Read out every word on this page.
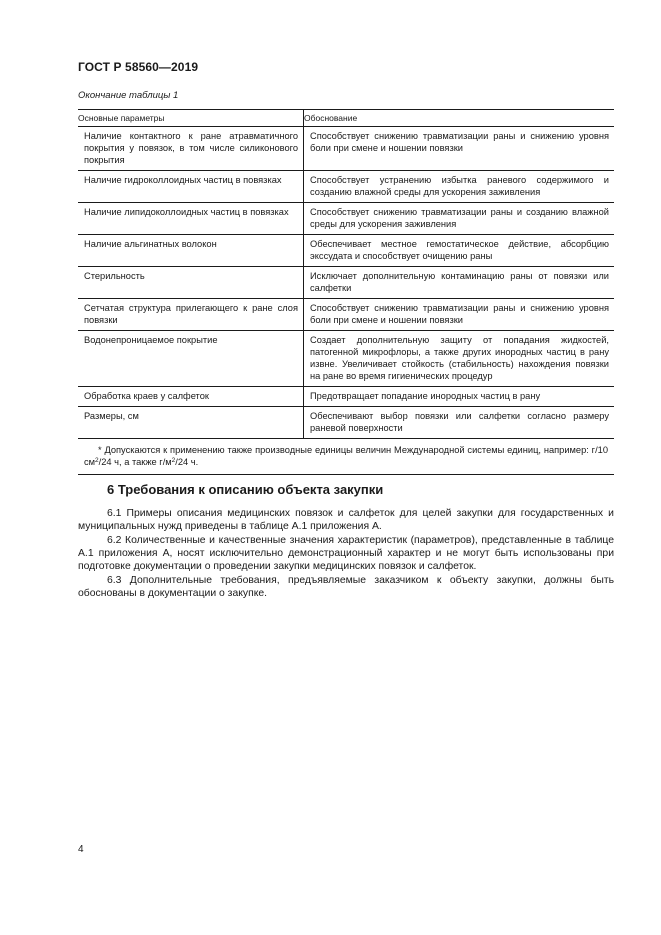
ГОСТ Р 58560—2019
Окончание таблицы 1
Основные параметры	Обоснование
Наличие контактного к ране атравматичного покрытия у повязок, в том числе силиконового покрытия	Способствует снижению травматизации раны и снижению уровня боли при смене и ношении повязки
Наличие гидроколлоидных частиц в повязках	Способствует устранению избытка раневого содержимого и созданию влажной среды для ускорения заживления
Наличие липидоколлоидных частиц в повязках	Способствует снижению травматизации раны и созданию влажной среды для ускорения заживления
Наличие альгинатных волокон	Обеспечивает местное гемостатическое действие, абсорбцию экссудата и способствует очищению раны
Стерильность	Исключает дополнительную контаминацию раны от повязки или салфетки
Сетчатая структура прилегающего к ране слоя повязки	Способствует снижению травматизации раны и снижению уровня боли при смене и ношении повязки
Водонепроницаемое покрытие	Создает дополнительную защиту от попадания жидкостей, патогенной микрофлоры, а также других инородных частиц в рану извне. Увеличивает стойкость (стабильность) нахождения повязки на ране во время гигиенических процедур
Обработка краев у салфеток	Предотвращает попадание инородных частиц в рану
Размеры, см	Обеспечивают выбор повязки или салфетки согласно размеру раневой поверхности

* Допускаются к применению также производные единицы величин Международной системы единиц, например: г/10 $см^2/24$ ч, а также $г/м^2/24$ ч.	
6 Требования к описанию объекта закупки

6.1 Примеры описания медицинских повязок и салфеток для целей закупки для государственных и муниципальных нужд приведены в таблице А.1 приложения А.

6.2 Количественные и качественные значения характеристик (параметров), представленные в таблице А.1 приложения А, носят исключительно демонстрационный характер и не могут быть использованы при подготовке документации о проведении закупки медицинских повязок и салфеток.

6.3 Дополнительные требования, предъявляемые заказчиком к объекту закупки, должны быть обоснованы в документации о закупке.

4
